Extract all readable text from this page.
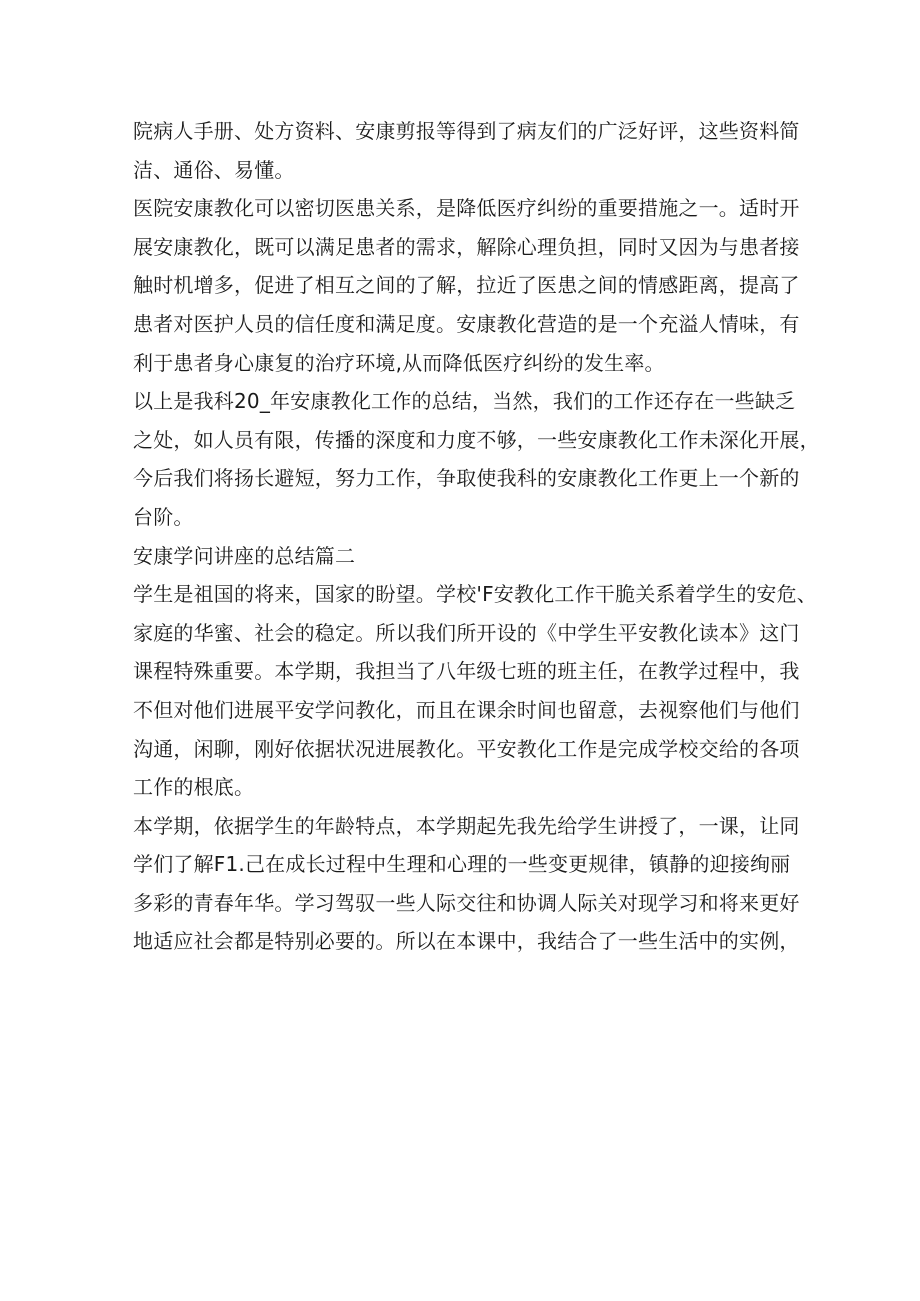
院病人手册、处方资料、安康剪报等得到了病友们的广泛好评，这些资料简
洁、通俗、易懂。
医院安康教化可以密切医患关系，是降低医疗纠纷的重要措施之一。适时开
展安康教化，既可以满足患者的需求，解除心理负担，同时又因为与患者接
触时机增多，促进了相互之间的了解，拉近了医患之间的情感距离，提高了
患者对医护人员的信任度和满足度。安康教化营造的是一个充溢人情味，有
利于患者身心康复的治疗环境,从而降低医疗纠纷的发生率。
以上是我科20_年安康教化工作的总结，当然，我们的工作还存在一些缺乏
之处，如人员有限，传播的深度和力度不够，一些安康教化工作未深化开展，
今后我们将扬长避短，努力工作，争取使我科的安康教化工作更上一个新的
台阶。
安康学问讲座的总结篇二
学生是祖国的将来，国家的盼望。学校'F安教化工作干脆关系着学生的安危、
家庭的华蜜、社会的稳定。所以我们所开设的《中学生平安教化读本》这门
课程特殊重要。本学期，我担当了八年级七班的班主任，在教学过程中，我
不但对他们进展平安学问教化，而且在课余时间也留意，去视察他们与他们
沟通，闲聊，刚好依据状况进展教化。平安教化工作是完成学校交给的各项
工作的根底。
本学期，依据学生的年龄特点，本学期起先我先给学生讲授了，一课，让同
学们了解F1.己在成长过程中生理和心理的一些变更规律，镇静的迎接绚丽
多彩的青春年华。学习驾驭一些人际交往和协调人际关对现学习和将来更好
地适应社会都是特别必要的。所以在本课中，我结合了一些生活中的实例，
